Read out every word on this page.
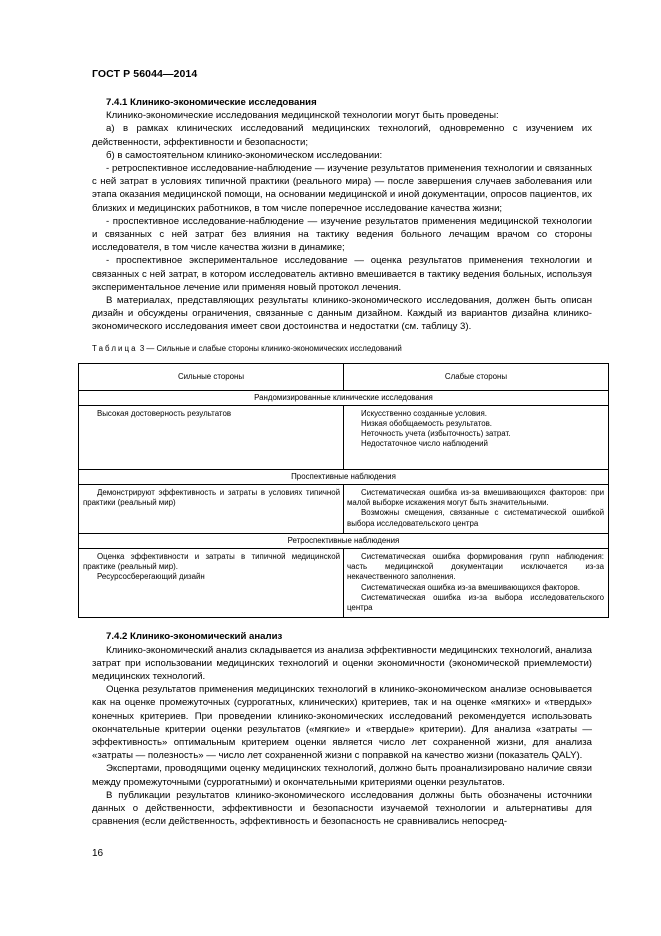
ГОСТ Р 56044—2014

7.4.1 Клинико-экономические исследования

Клинико-экономические исследования медицинской технологии могут быть проведены:

а) в рамках клинических исследований медицинских технологий, одновременно с изучением их действенности, эффективности и безопасности;

б) в самостоятельном клинико-экономическом исследовании:

- ретроспективное исследование-наблюдение — изучение результатов применения технологии и связанных с ней затрат в условиях типичной практики (реального мира) — после завершения случаев заболевания или этапа оказания медицинской помощи, на основании медицинской и иной документации, опросов пациентов, их близких и медицинских работников, в том числе поперечное исследование качества жизни;

- проспективное исследование-наблюдение — изучение результатов применения медицинской технологии и связанных с ней затрат без влияния на тактику ведения больного лечащим врачом со стороны исследователя, в том числе качества жизни в динамике;

- проспективное экспериментальное исследование — оценка результатов применения технологии и связанных с ней затрат, в котором исследователь активно вмешивается в тактику ведения больных, используя экспериментальное лечение или применяя новый протокол лечения.

В материалах, представляющих результаты клинико-экономического исследования, должен быть описан дизайн и обсуждены ограничения, связанные с данным дизайном. Каждый из вариантов дизайна клинико-экономического исследования имеет свои достоинства и недостатки (см. таблицу 3).

Таблица 3 — Сильные и слабые стороны клинико-экономических исследований

Сильные стороны	Слабые стороны
Рандомизированные клинические исследования	

Высокая достоверность результатов	Искусственно созданные условия.
Низкая обобщаемость результатов.
Неточность учета (избыточность) затрат.
Недостаточное число наблюдений

Проспективные наблюдения	

Демонстрируют эффективность и затраты в условиях типичной практики (реальный мир)	Систематическая ошибка из-за вмешивающихся факторов: при малой выборке искажения могут быть значительными.
Возможны смещения, связанные с систематической ошибкой выбора исследовательского центра

Ретроспективные наблюдения	

Оценка эффективности и затраты в типичной медицинской практике (реальный мир).
Ресурсосберегающий дизайн	Систематическая ошибка формирования групп наблюдения: часть медицинской документации исключается из-за некачественного заполнения.
Систематическая ошибка из-за вмешивающихся факторов.
Систематическая ошибка из-за выбора исследовательского центра

7.4.2 Клинико-экономический анализ

Клинико-экономический анализ складывается из анализа эффективности медицинских технологий, анализа затрат при использовании медицинских технологий и оценки экономичности (экономической приемлемости) медицинских технологий.

Оценка результатов применения медицинских технологий в клинико-экономическом анализе основывается как на оценке промежуточных (суррогатных, клинических) критериев, так и на оценке «мягких» и «твердых» конечных критериев. При проведении клинико-экономических исследований рекомендуется использовать окончательные критерии оценки результатов («мягкие» и «твердые» критерии). Для анализа «затраты — эффективность» оптимальным критерием оценки является число лет сохраненной жизни, для анализа «затраты — полезность» — число лет сохраненной жизни с поправкой на качество жизни (показатель QALY).

Экспертами, проводящими оценку медицинских технологий, должно быть проанализировано наличие связи между промежуточными (суррогатными) и окончательными критериями оценки результатов.

В публикации результатов клинико-экономического исследования должны быть обозначены источники данных о действенности, эффективности и безопасности изучаемой технологии и альтернативы для сравнения (если действенность, эффективность и безопасность не сравнивались непосред-

16
